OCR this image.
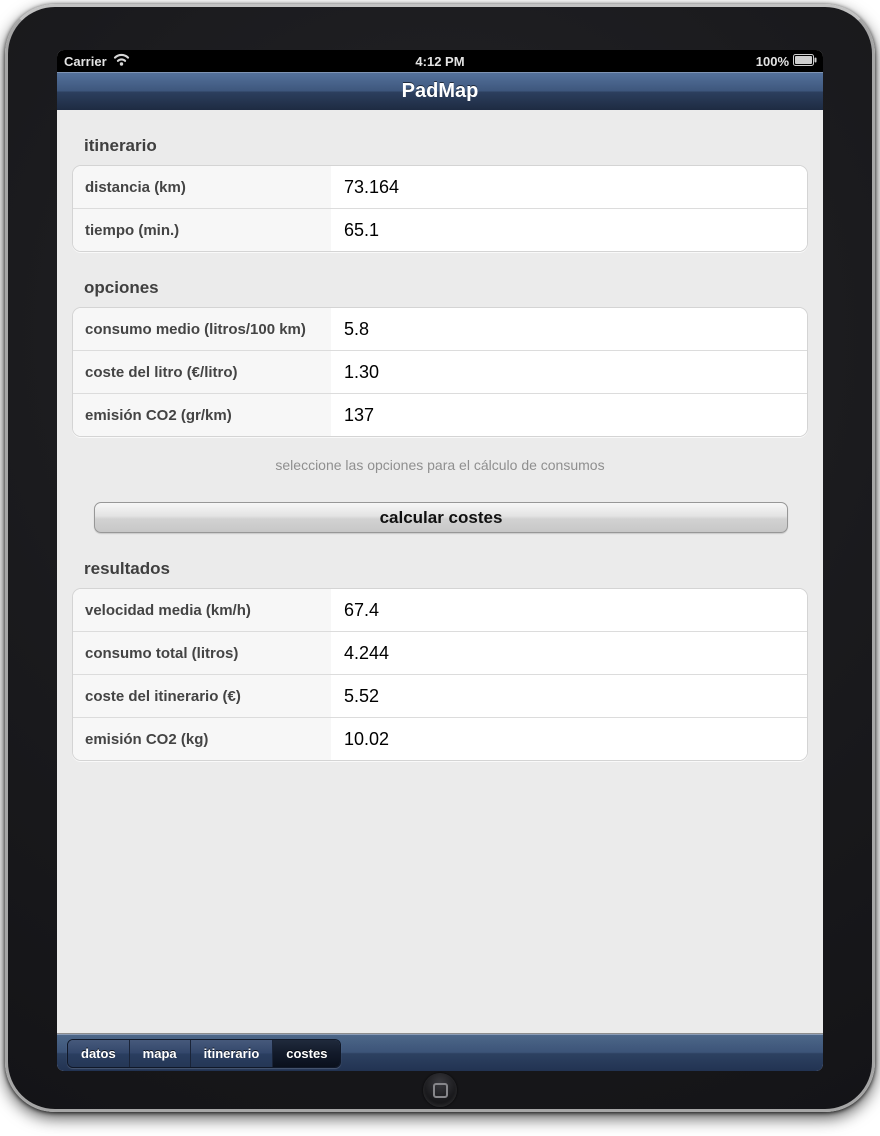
Carrier	4:12 PM	100%
PadMap
itinerario
distancia (km)	73.164
tiempo (min.)	65.1
opciones
consumo medio (litros/100 km)	5.8
coste del litro (€/litro)	1.30
emisión CO2 (gr/km)	137
seleccione las opciones para el cálculo de consumos
calcular costes
resultados
velocidad media (km/h)	67.4
consumo total (litros)	4.244
coste del itinerario (€)	5.52
emisión CO2 (kg)	10.02
datos	mapa	itinerario	costes
